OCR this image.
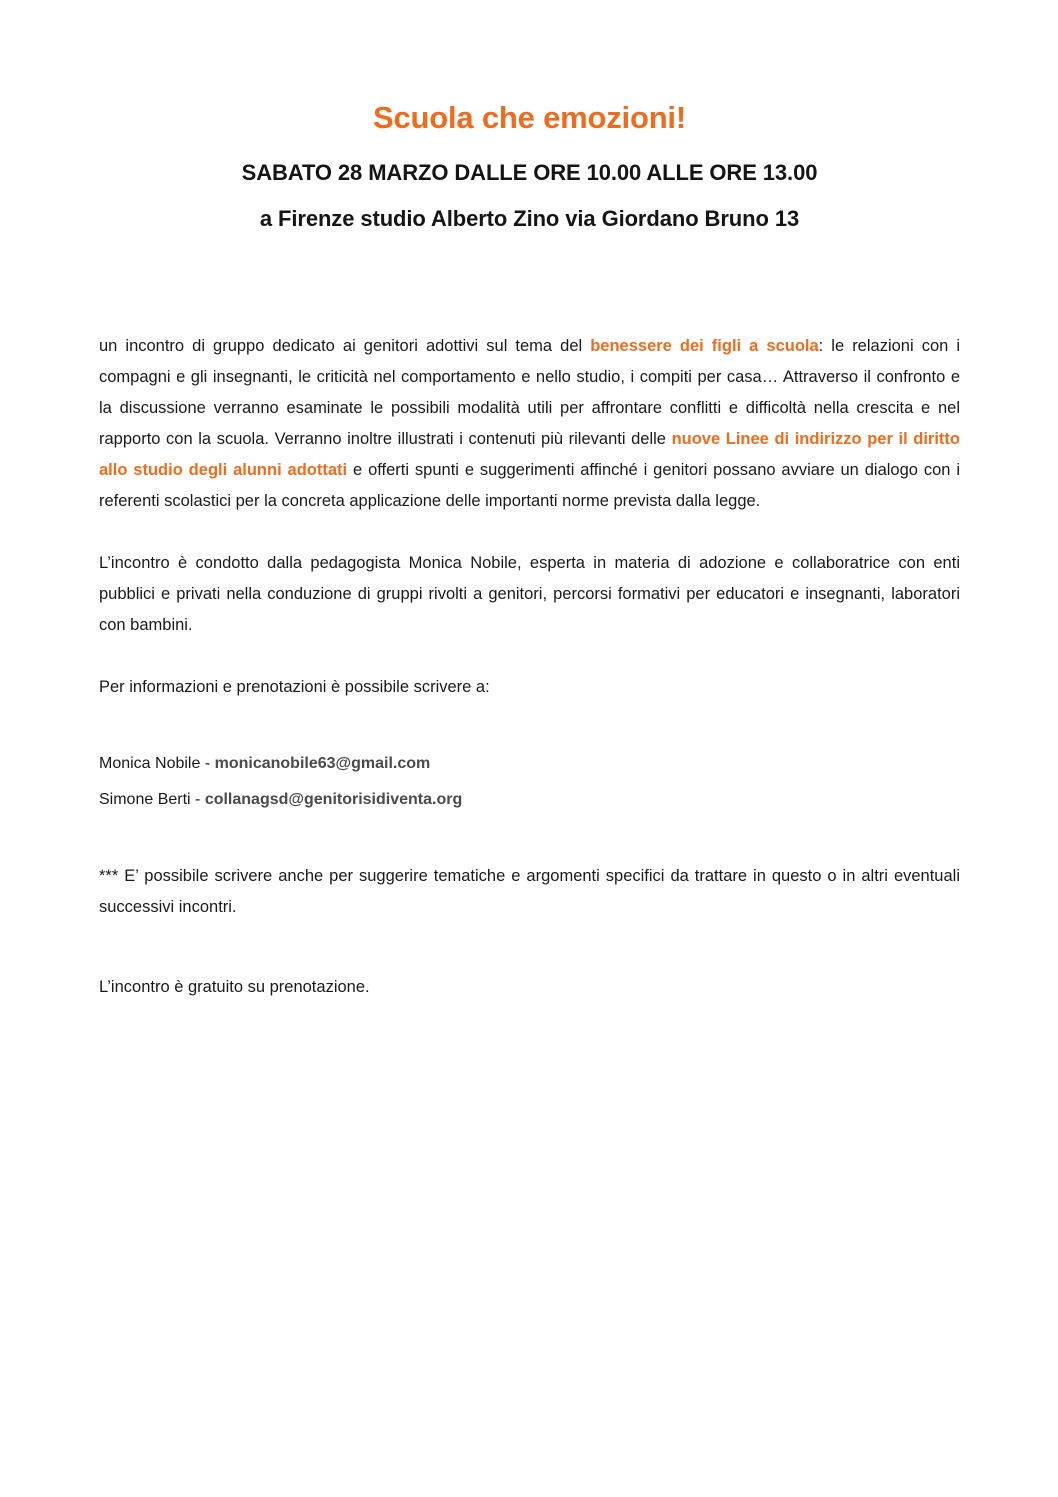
Scuola che emozioni!
SABATO 28 MARZO DALLE ORE 10.00 ALLE ORE 13.00
a Firenze studio Alberto Zino via Giordano Bruno 13

un incontro di gruppo dedicato ai genitori adottivi sul tema del benessere dei figli a scuola: le relazioni con i compagni e gli insegnanti, le criticità nel comportamento e nello studio, i compiti per casa… Attraverso il confronto e la discussione verranno esaminate le possibili modalità utili per affrontare conflitti e difficoltà nella crescita e nel rapporto con la scuola. Verranno inoltre illustrati i contenuti più rilevanti delle nuove Linee di indirizzo per il diritto allo studio degli alunni adottati e offerti spunti e suggerimenti affinché i genitori possano avviare un dialogo con i referenti scolastici per la concreta applicazione delle importanti norme prevista dalla legge.

L’incontro è condotto dalla pedagogista Monica Nobile, esperta in materia di adozione e collaboratrice con enti pubblici e privati nella conduzione di gruppi rivolti a genitori, percorsi formativi per educatori e insegnanti, laboratori con bambini.

Per informazioni e prenotazioni è possibile scrivere a:

Monica Nobile - monicanobile63@gmail.com

Simone Berti - collanagsd@genitorisidiventa.org

*** E’ possibile scrivere anche per suggerire tematiche e argomenti specifici da trattare in questo o in altri eventuali successivi incontri.

L’incontro è gratuito su prenotazione.
